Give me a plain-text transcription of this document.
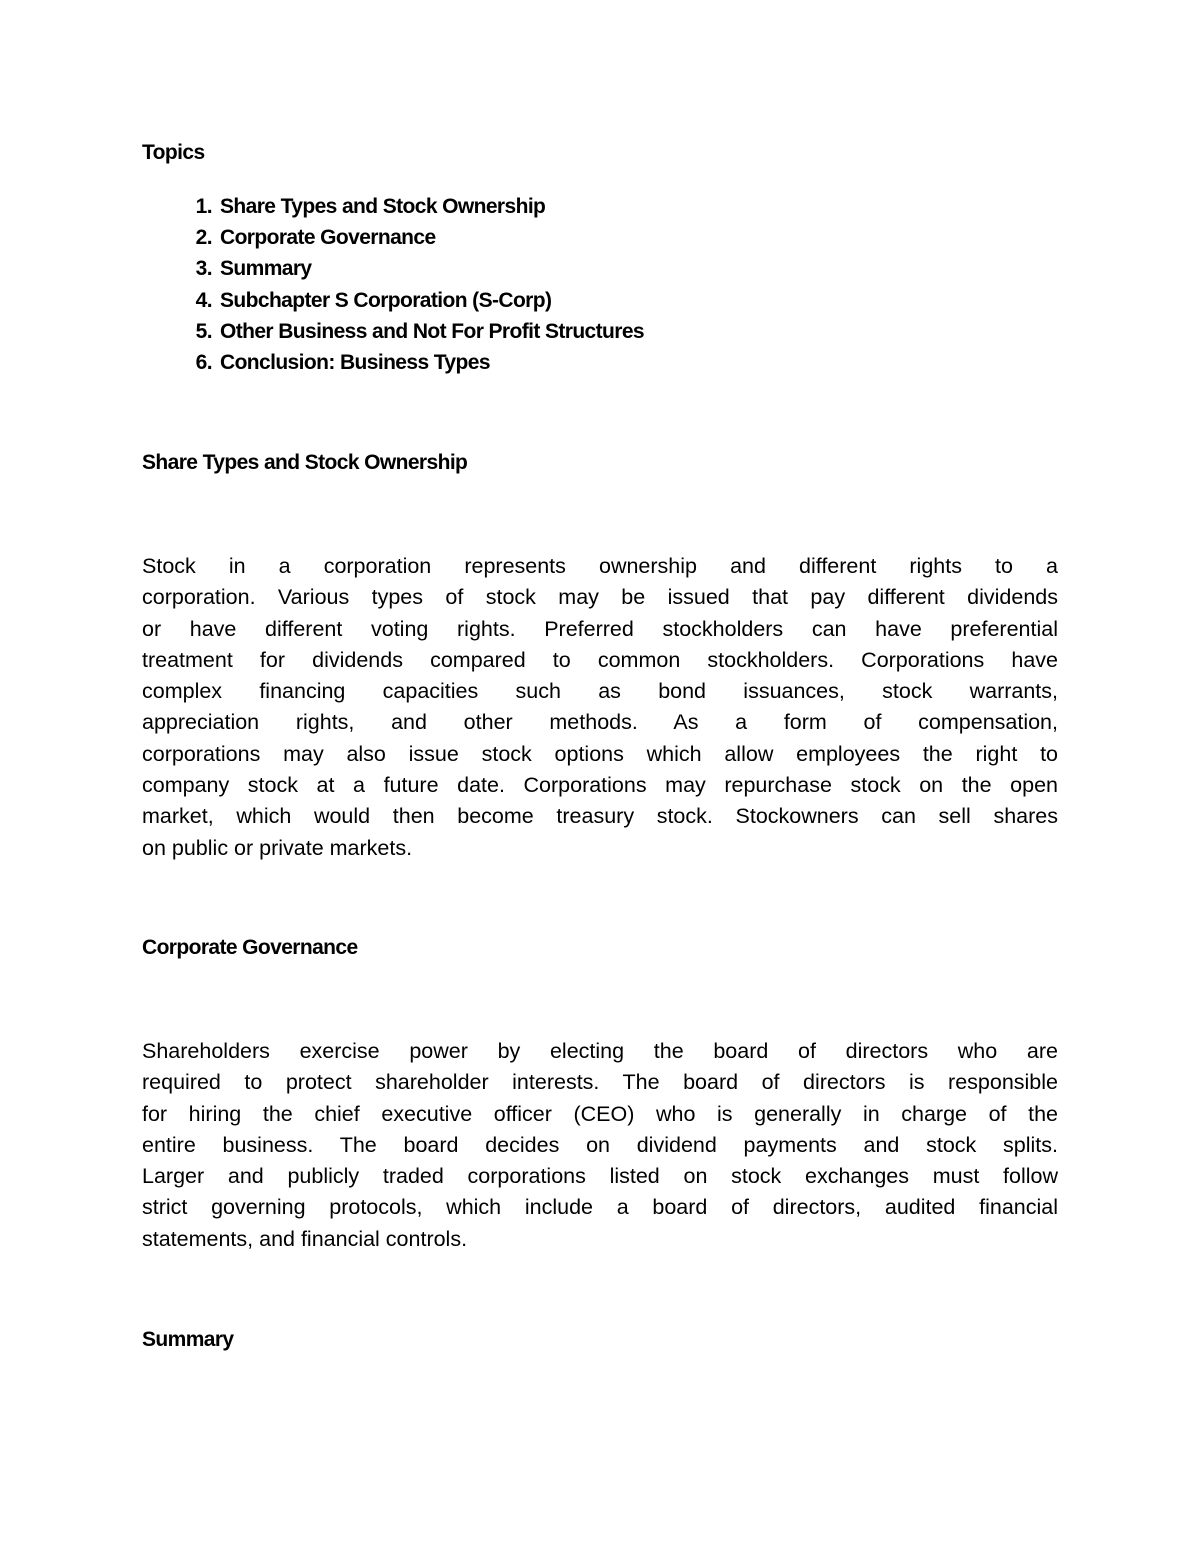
Topics
1. Share Types and Stock Ownership
2. Corporate Governance
3. Summary
4. Subchapter S Corporation (S-Corp)
5. Other Business and Not For Profit Structures
6. Conclusion: Business Types
Share Types and Stock Ownership
Stock in a corporation represents ownership and different rights to a
corporation. Various types of stock may be issued that pay different dividends
or have different voting rights. Preferred stockholders can have preferential
treatment for dividends compared to common stockholders. Corporations have
complex financing capacities such as bond issuances, stock warrants,
appreciation rights, and other methods. As a form of compensation,
corporations may also issue stock options which allow employees the right to
company stock at a future date. Corporations may repurchase stock on the open
market, which would then become treasury stock. Stockowners can sell shares
on public or private markets.
Corporate Governance
Shareholders exercise power by electing the board of directors who are
required to protect shareholder interests. The board of directors is responsible
for hiring the chief executive officer (CEO) who is generally in charge of the
entire business. The board decides on dividend payments and stock splits.
Larger and publicly traded corporations listed on stock exchanges must follow
strict governing protocols, which include a board of directors, audited financial
statements, and financial controls.
Summary
